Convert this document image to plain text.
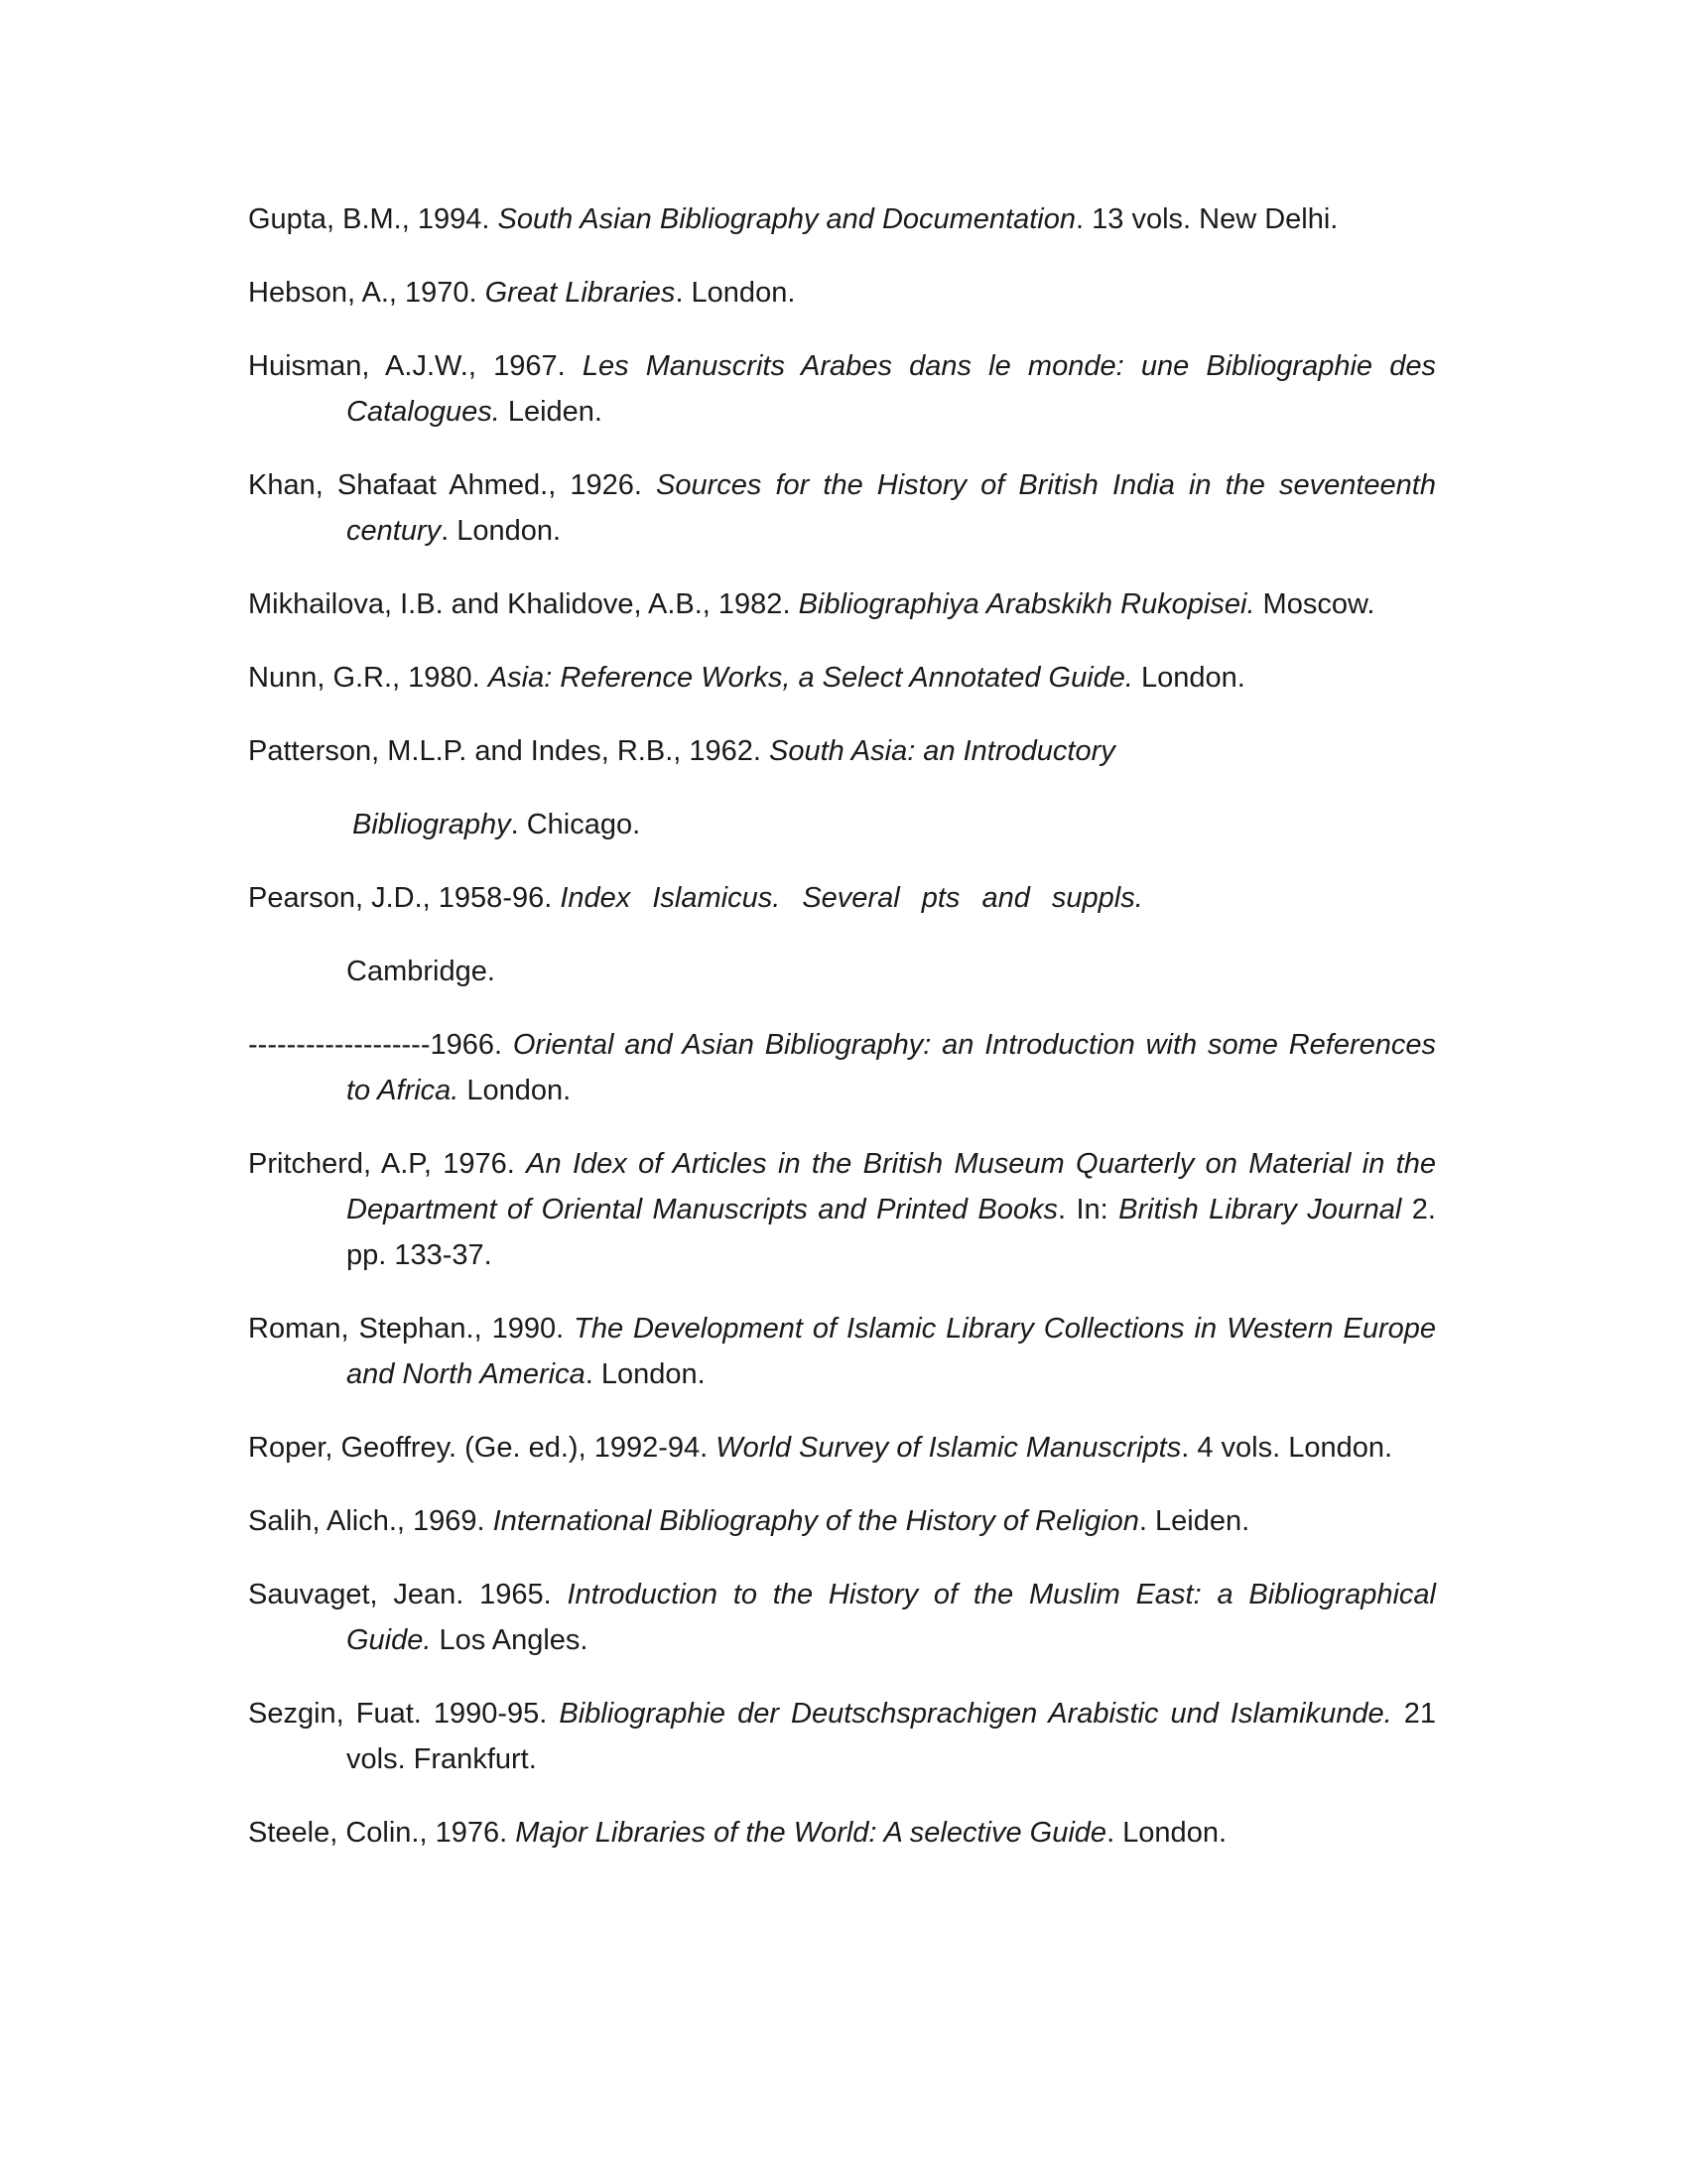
Gupta, B.M., 1994. South Asian Bibliography and Documentation. 13 vols. New Delhi.

Hebson, A., 1970. Great Libraries. London.

Huisman, A.J.W., 1967. Les Manuscrits Arabes dans le monde: une Bibliographie des Catalogues. Leiden.

Khan, Shafaat Ahmed., 1926. Sources for the History of British India in the seventeenth century. London.

Mikhailova, I.B. and Khalidove, A.B., 1982. Bibliographiya Arabskikh Rukopisei. Moscow.

Nunn, G.R., 1980. Asia: Reference Works, a Select Annotated Guide. London.

Patterson, M.L.P. and Indes, R.B., 1962. South Asia: an Introductory

Bibliography. Chicago.

Pearson, J.D., 1958-96. Index Islamicus. Several pts and suppls.

Cambridge.

-------------------1966. Oriental and Asian Bibliography: an Introduction with some References to Africa. London.

Pritcherd, A.P, 1976. An Idex of Articles in the British Museum Quarterly on Material in the Department of Oriental Manuscripts and Printed Books. In: British Library Journal 2. pp. 133-37.

Roman, Stephan., 1990. The Development of Islamic Library Collections in Western Europe and North America. London.

Roper, Geoffrey. (Ge. ed.), 1992-94. World Survey of Islamic Manuscripts. 4 vols. London.

Salih, Alich., 1969. International Bibliography of the History of Religion. Leiden.

Sauvaget, Jean. 1965. Introduction to the History of the Muslim East: a Bibliographical Guide. Los Angles.

Sezgin, Fuat. 1990-95. Bibliographie der Deutschsprachigen Arabistic und Islamikunde. 21 vols. Frankfurt.

Steele, Colin., 1976. Major Libraries of the World: A selective Guide. London.
